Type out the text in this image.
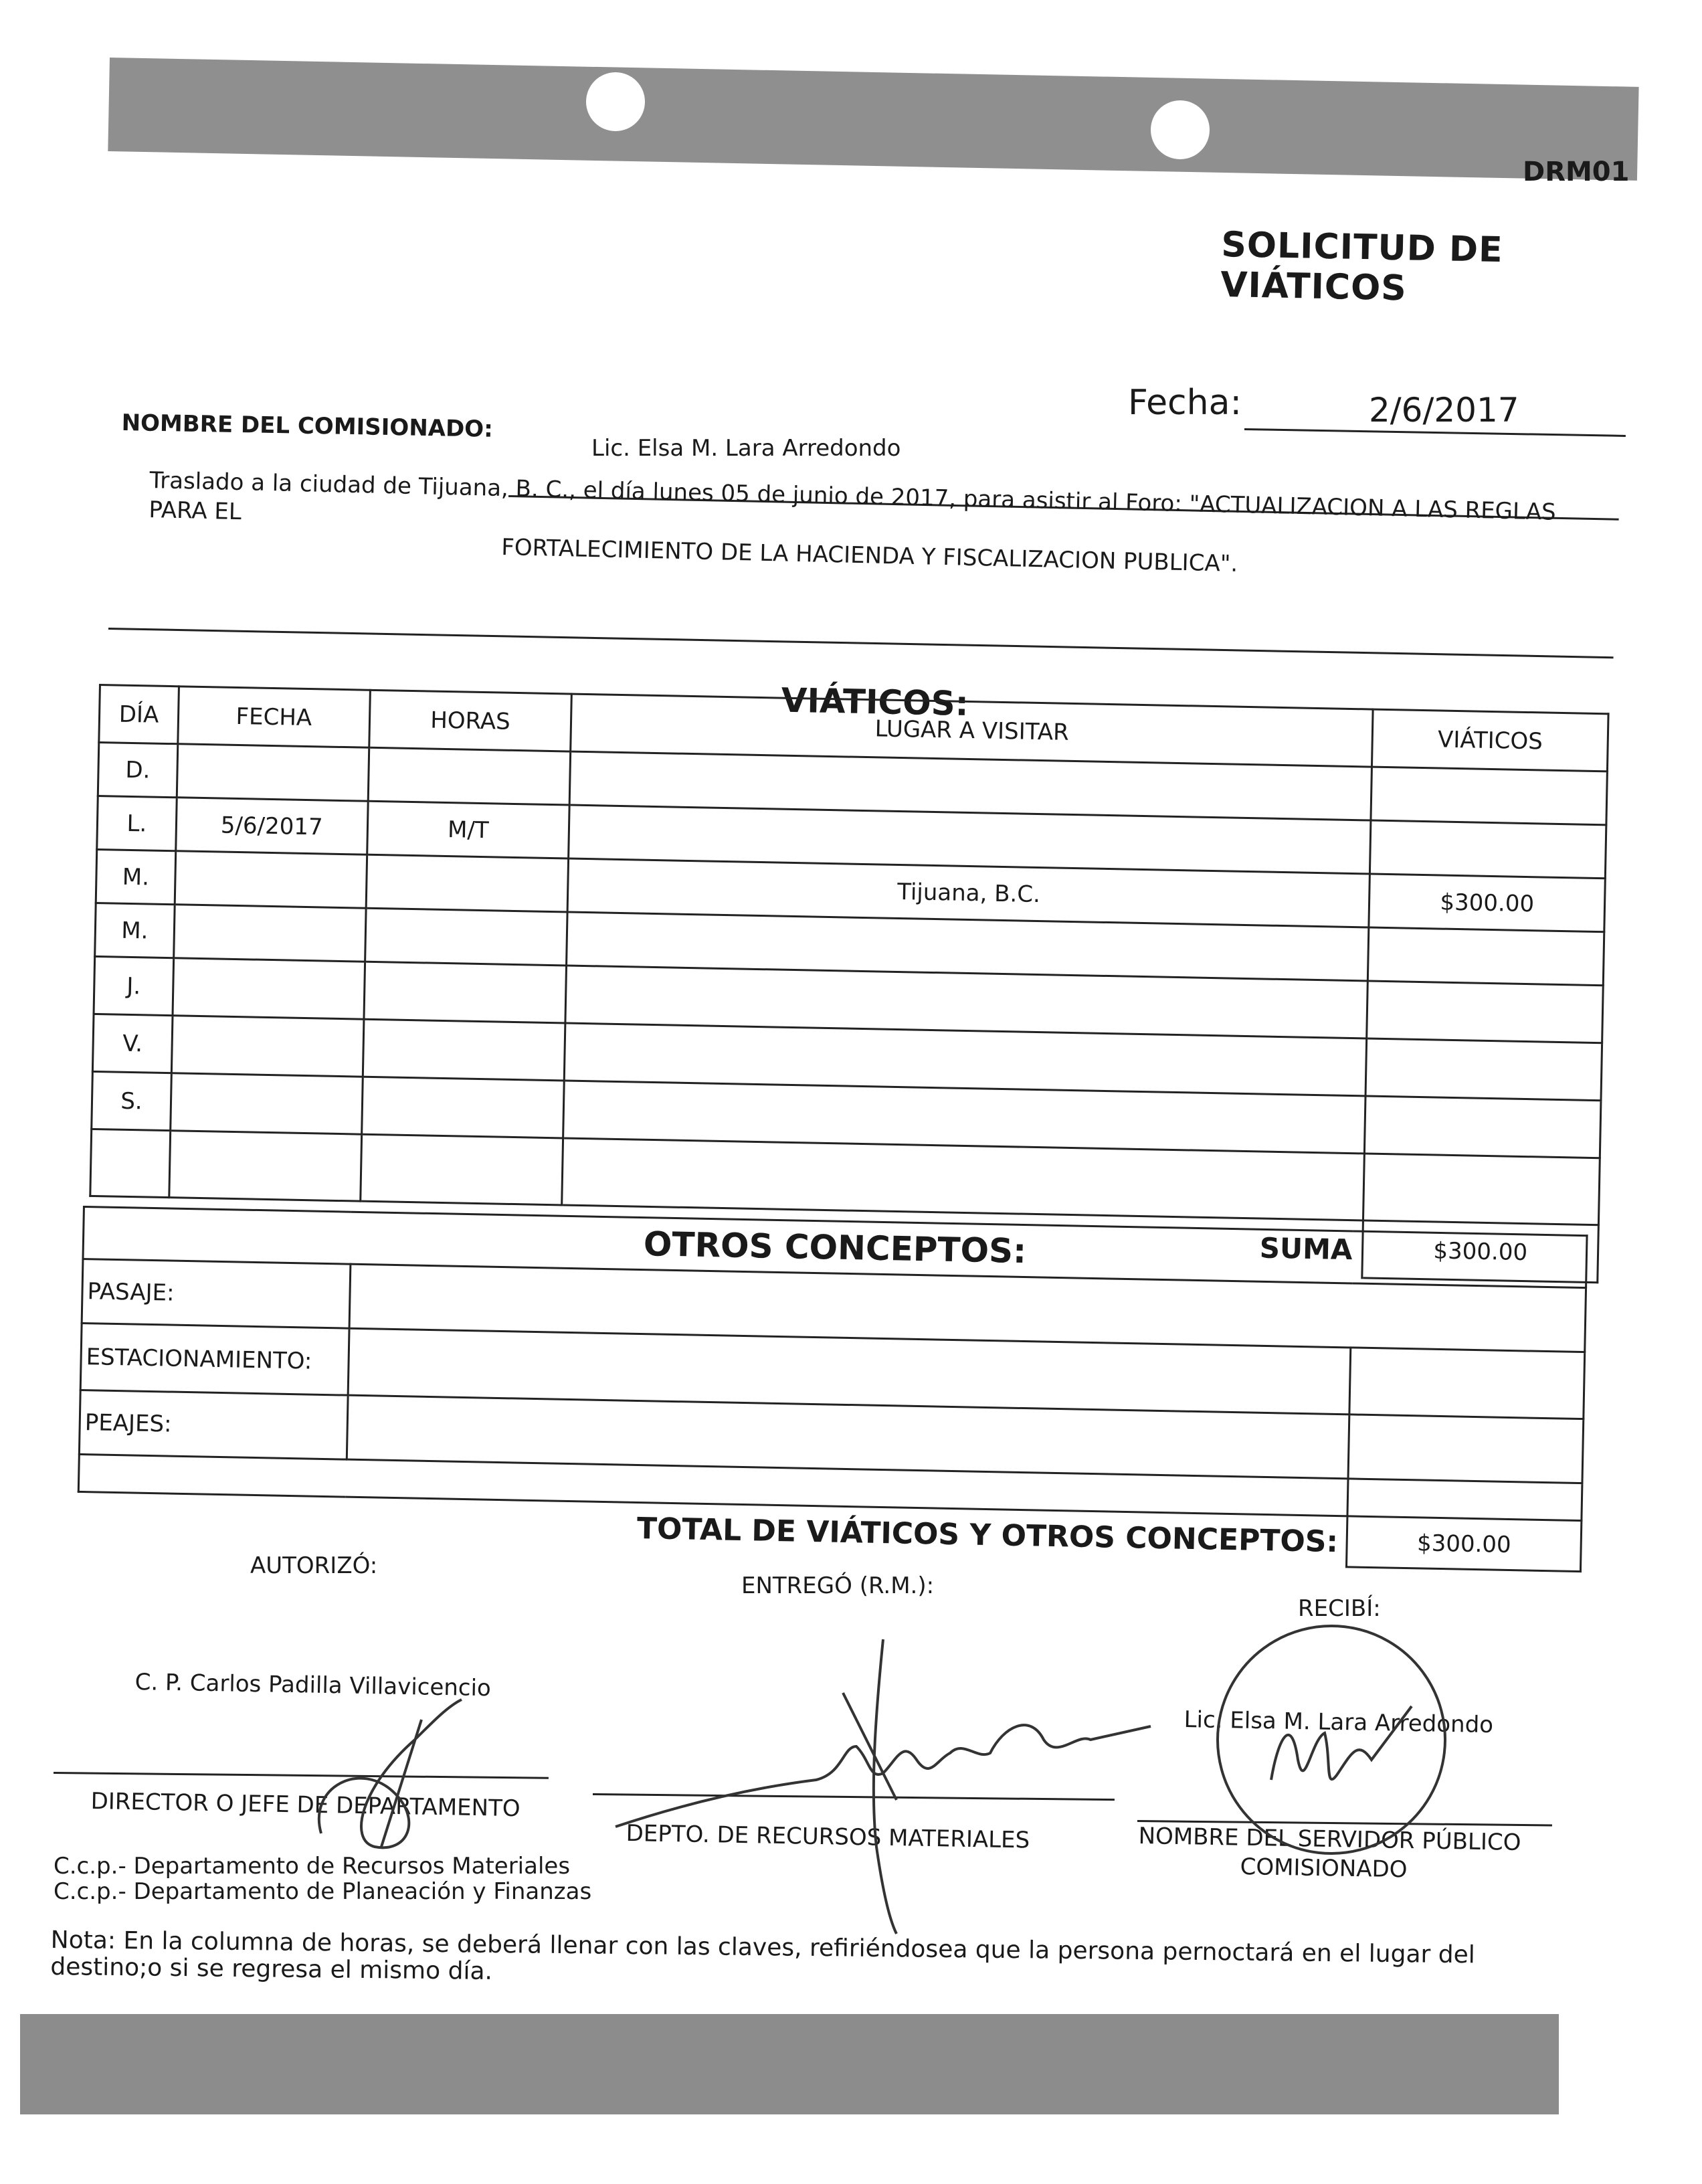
DRM01
SOLICITUD DE VIÁTICOS
Fecha:	2/6/2017
NOMBRE DEL COMISIONADO:
Lic. Elsa M. Lara Arredondo
Traslado a la ciudad de Tijuana, B. C., el día lunes 05 de junio de 2017, para asistir al Foro: "ACTUALIZACION A LAS REGLAS PARA EL
FORTALECIMIENTO DE LA HACIENDA Y FISCALIZACION PUBLICA".
VIÁTICOS:
DÍA	FECHA	HORAS	LUGAR A VISITAR	VIÁTICOS
D.				
L.	5/6/2017	M/T		
M.			Tijuana, B.C.	$300.00
M.				
J.				
V.				
S.				

SUMA				$300.00
OTROS CONCEPTOS:		
PASAJE:		
ESTACIONAMIENTO:		
PEAJES:		

TOTAL DE VIÁTICOS Y OTROS CONCEPTOS:		$300.00
AUTORIZÓ:
ENTREGÓ (R.M.):
RECIBÍ:
C. P. Carlos Padilla Villavicencio
Lic. Elsa M. Lara Arredondo
DIRECTOR O JEFE DE DEPARTAMENTO
DEPTO. DE RECURSOS MATERIALES	NOMBRE DEL SERVIDOR PÚBLICO
COMISIONADO
C.c.p.- Departamento de Recursos Materiales
C.c.p.- Departamento de Planeación y Finanzas
Nota: En la columna de horas, se deberá llenar con las claves, refiriéndosea que la persona pernoctará en el lugar del destino;o si se regresa el mismo día.
